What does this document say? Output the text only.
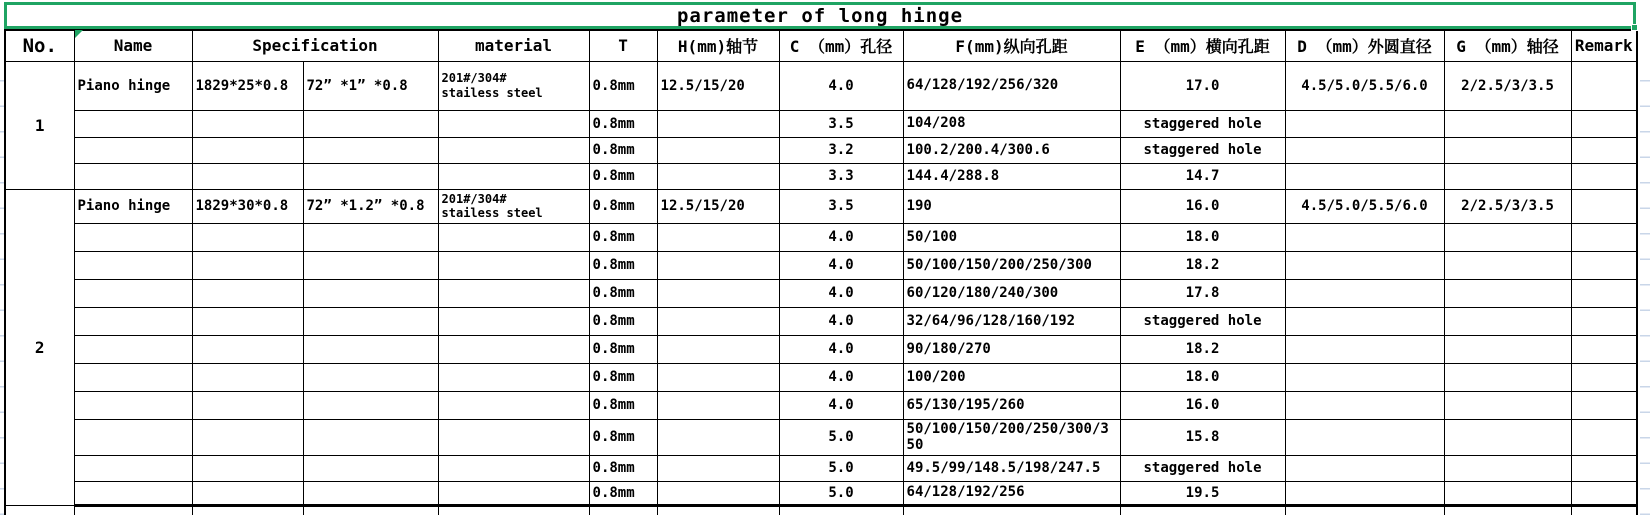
parameter of long hinge
No.	Name	Specification		material	T	H(mm)轴节	C （mm）孔径	F(mm)纵向孔距	E （mm）横向孔距	D （mm）外圆直径	G （mm）轴径	Remark
1	Piano hinge	1829*25*0.8	72” *1” *0.8	201#/304#
stailess steel	0.8mm	12.5/15/20	4.0	64/128/192/256/320	17.0	4.5/5.0/5.5/6.0	2/2.5/3/3.5	
					0.8mm		3.5	104/208	staggered hole			
					0.8mm		3.2	100.2/200.4/300.6	staggered hole			
					0.8mm		3.3	144.4/288.8	14.7			
2	Piano hinge	1829*30*0.8	72” *1.2” *0.8	201#/304#
stailess steel	0.8mm	12.5/15/20	3.5	190	16.0	4.5/5.0/5.5/6.0	2/2.5/3/3.5	
					0.8mm		4.0	50/100	18.0			
					0.8mm		4.0	50/100/150/200/250/300	18.2			
					0.8mm		4.0	60/120/180/240/300	17.8			
					0.8mm		4.0	32/64/96/128/160/192	staggered hole			
					0.8mm		4.0	90/180/270	18.2			
					0.8mm		4.0	100/200	18.0			
					0.8mm		4.0	65/130/195/260	16.0			
					0.8mm		5.0	50/100/150/200/250/300/350	15.8			
					0.8mm		5.0	49.5/99/148.5/198/247.5	staggered hole			
					0.8mm		5.0	64/128/192/256	19.5			
